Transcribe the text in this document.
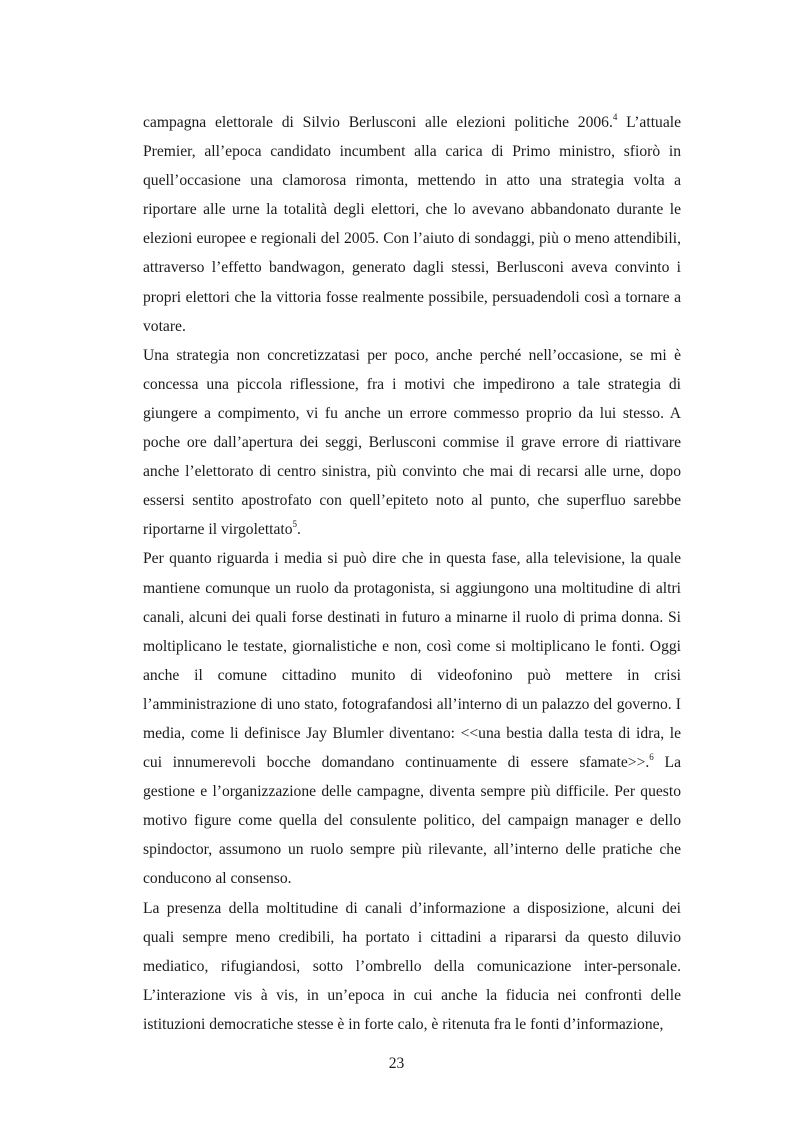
campagna elettorale di Silvio Berlusconi alle elezioni politiche 2006.$^4$ L’attuale Premier, all’epoca candidato incumbent alla carica di Primo ministro, sfiorò in quell’occasione una clamorosa rimonta, mettendo in atto una strategia volta a riportare alle urne la totalità degli elettori, che lo avevano abbandonato durante le elezioni europee e regionali del 2005. Con l’aiuto di sondaggi, più o meno attendibili, attraverso l’effetto bandwagon, generato dagli stessi, Berlusconi aveva convinto i propri elettori che la vittoria fosse realmente possibile, persuadendoli così a tornare a votare.

Una strategia non concretizzatasi per poco, anche perché nell’occasione, se mi è concessa una piccola riflessione, fra i motivi che impedirono a tale strategia di giungere a compimento, vi fu anche un errore commesso proprio da lui stesso. A poche ore dall’apertura dei seggi, Berlusconi commise il grave errore di riattivare anche l’elettorato di centro sinistra, più convinto che mai di recarsi alle urne, dopo essersi sentito apostrofato con quell’epiteto noto al punto, che superfluo sarebbe riportarne il virgolettato$^5$.

Per quanto riguarda i media si può dire che in questa fase, alla televisione, la quale mantiene comunque un ruolo da protagonista, si aggiungono una moltitudine di altri canali, alcuni dei quali forse destinati in futuro a minarne il ruolo di prima donna. Si moltiplicano le testate, giornalistiche e non, così come si moltiplicano le fonti. Oggi anche il comune cittadino munito di videofonino può mettere in crisi l’amministrazione di uno stato, fotografandosi all’interno di un palazzo del governo. I media, come li definisce Jay Blumler diventano: <<una bestia dalla testa di idra, le cui innumerevoli bocche domandano continuamente di essere sfamate>>.$^6$ La gestione e l’organizzazione delle campagne, diventa sempre più difficile. Per questo motivo figure come quella del consulente politico, del campaign manager e dello spindoctor, assumono un ruolo sempre più rilevante, all’interno delle pratiche che conducono al consenso.

La presenza della moltitudine di canali d’informazione a disposizione, alcuni dei quali sempre meno credibili, ha portato i cittadini a ripararsi da questo diluvio mediatico, rifugiandosi, sotto l’ombrello della comunicazione inter-personale. L’interazione vis à vis, in un’epoca in cui anche la fiducia nei confronti delle istituzioni democratiche stesse è in forte calo, è ritenuta fra le fonti d’informazione,

23
